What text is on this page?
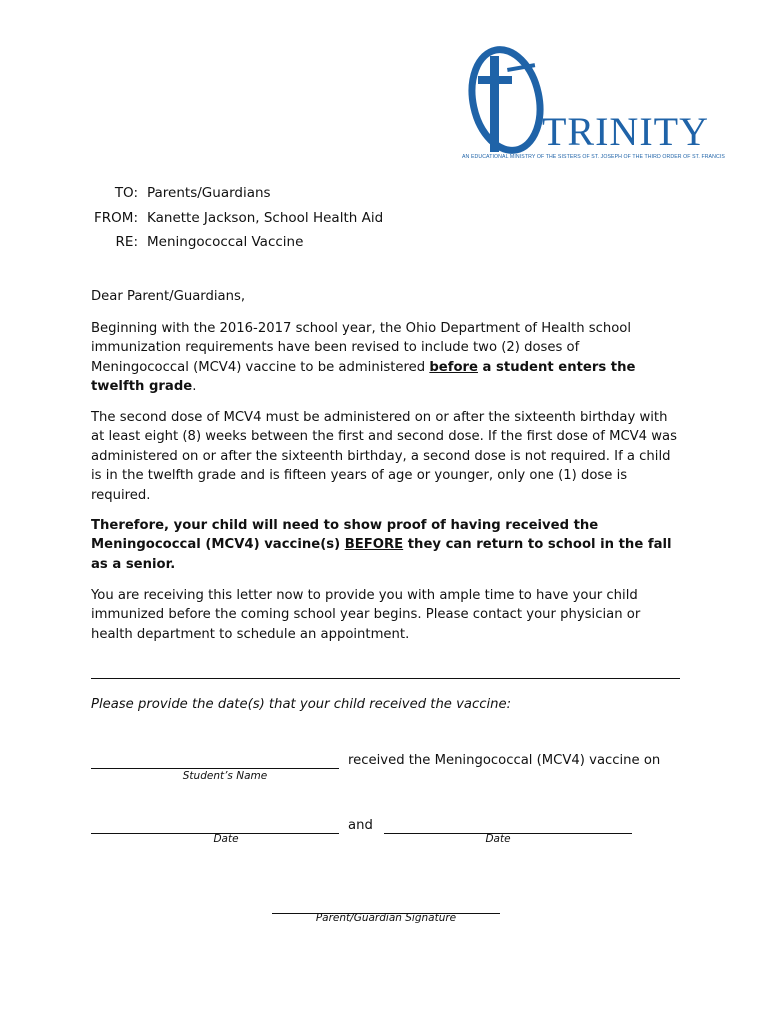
TRINITY
AN EDUCATIONAL MINISTRY OF THE SISTERS OF ST. JOSEPH OF THE THIRD ORDER OF ST. FRANCIS
TO: Parents/Guardians
FROM: Kanette Jackson, School Health Aid
RE: Meningococcal Vaccine
Dear Parent/Guardians,
Beginning with the 2016-2017 school year, the Ohio Department of Health school immunization requirements have been revised to include two (2) doses of Meningococcal (MCV4) vaccine to be administered before a student enters the twelfth grade.
The second dose of MCV4 must be administered on or after the sixteenth birthday with at least eight (8) weeks between the first and second dose. If the first dose of MCV4 was administered on or after the sixteenth birthday, a second dose is not required. If a child is in the twelfth grade and is fifteen years of age or younger, only one (1) dose is required.
Therefore, your child will need to show proof of having received the Meningococcal (MCV4) vaccine(s) BEFORE they can return to school in the fall as a senior.
You are receiving this letter now to provide you with ample time to have your child immunized before the coming school year begins. Please contact your physician or health department to schedule an appointment.
Please provide the date(s) that your child received the vaccine:
received the Meningococcal (MCV4) vaccine on
Student’s Name
and
Date	Date
Parent/Guardian Signature
